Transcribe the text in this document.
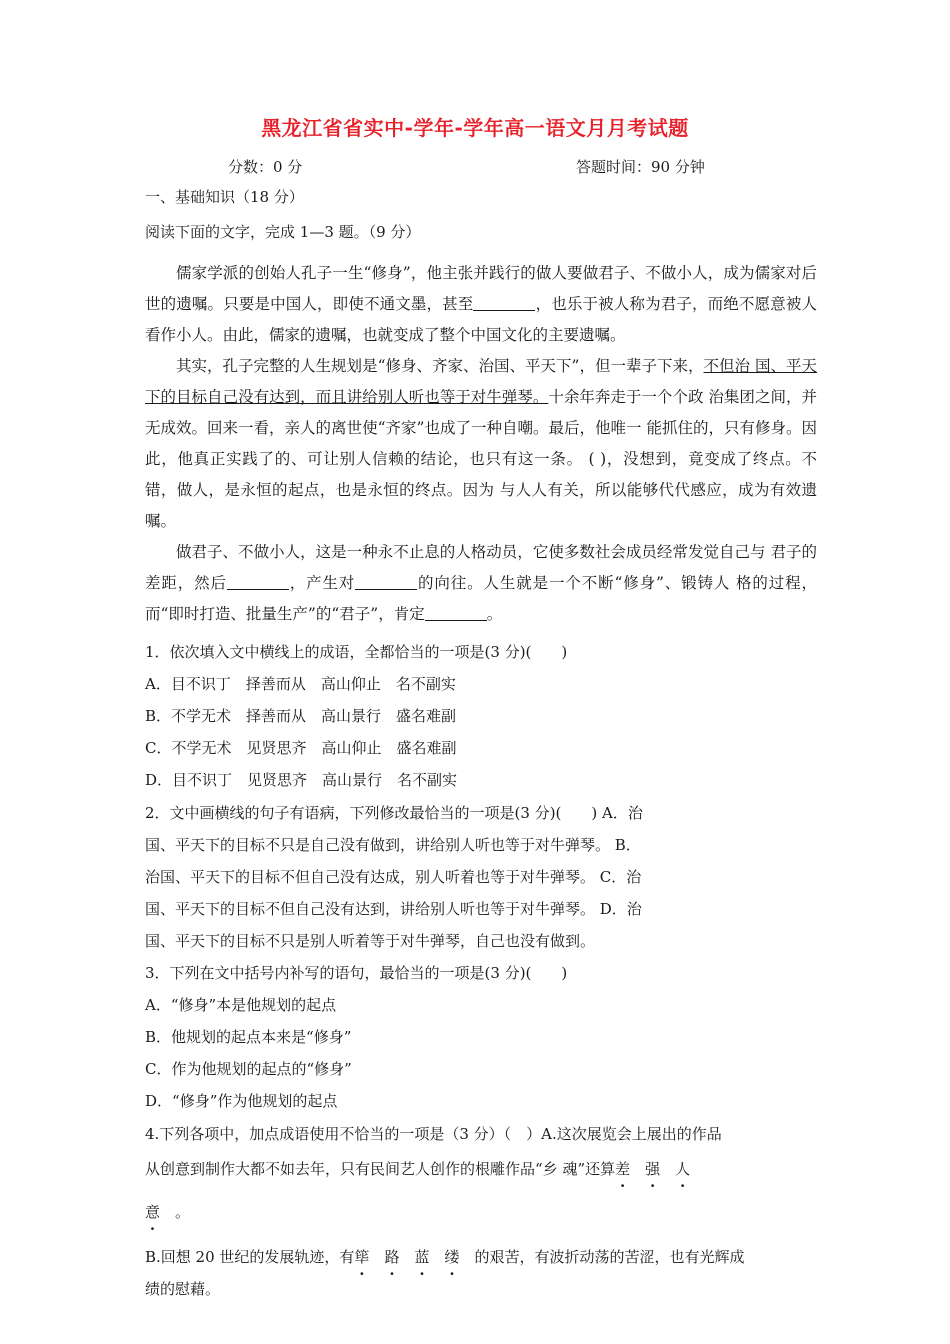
黑龙江省省实中-学年-学年高一语文月月考试题
分数：0 分	答题时间：90 分钟
一、基础知识（18 分）
阅读下面的文字，完成 1—3 题。（9 分）

儒家学派的创始人孔子一生“修身”，他主张并践行的做人要做君子、不做小人，成为儒家对后世的遗嘱。只要是中国人，即使不通文墨，甚至	，也乐于被人称为君子，而绝不愿意被人看作小人。由此，儒家的遗嘱，也就变成了整个中国文化的主要遗嘱。

其实，孔子完整的人生规划是“修身、齐家、治国、平天下”，但一辈子下来，不但治 国、平天下的目标自己没有达到，而且讲给别人听也等于对牛弹琴。十余年奔走于一个个政 治集团之间，并无成效。回来一看，亲人的离世使“齐家”也成了一种自嘲。最后，他唯一 能抓住的，只有修身。因此，他真正实践了的、可让别人信赖的结论，也只有这一条。 ( )，没想到，竟变成了终点。不错，做人，是永恒的起点，也是永恒的终点。因为 与人人有关，所以能够代代感应，成为有效遗嘱。

做君子、不做小人，这是一种永不止息的人格动员，它使多数社会成员经常发觉自己与 君子的差距，然后	，产生对	的向往。人生就是一个不断“修身”、锻铸人 格的过程，而“即时打造、批量生产”的“君子”，肯定	。

1．依次填入文中横线上的成语，全都恰当的一项是(3 分)(　　)
A．目不识丁　择善而从　高山仰止　名不副实
B．不学无术　择善而从　高山景行　盛名难副
C．不学无术　见贤思齐　高山仰止　盛名难副
D．目不识丁　见贤思齐　高山景行　名不副实
2．文中画横线的句子有语病，下列修改最恰当的一项是(3 分)(　　) A．治
国、平天下的目标不只是自己没有做到，讲给别人听也等于对牛弹琴。 B．
治国、平天下的目标不但自己没有达成，别人听着也等于对牛弹琴。 C．治
国、平天下的目标不但自己没有达到，讲给别人听也等于对牛弹琴。 D．治
国、平天下的目标不只是别人听着等于对牛弹琴，自己也没有做到。
3．下列在文中括号内补写的语句，最恰当的一项是(3 分)(　　)
A．“修身”本是他规划的起点
B．他规划的起点本来是“修身”
C．作为他规划的起点的“修身”
D．“修身”作为他规划的起点
4.下列各项中，加点成语使用不恰当的一项是（3 分）（　）A.这次展览会上展出的作品
从创意到制作大都不如去年，只有民间艺人创作的根雕作品“乡 魂”还算差　 强　 人
意　 。
B.回想 20 世纪的发展轨迹，有筚　 路　 蓝　 缕　 的艰苦，有波折动荡的苦涩，也有光辉成
绩的慰藉。
